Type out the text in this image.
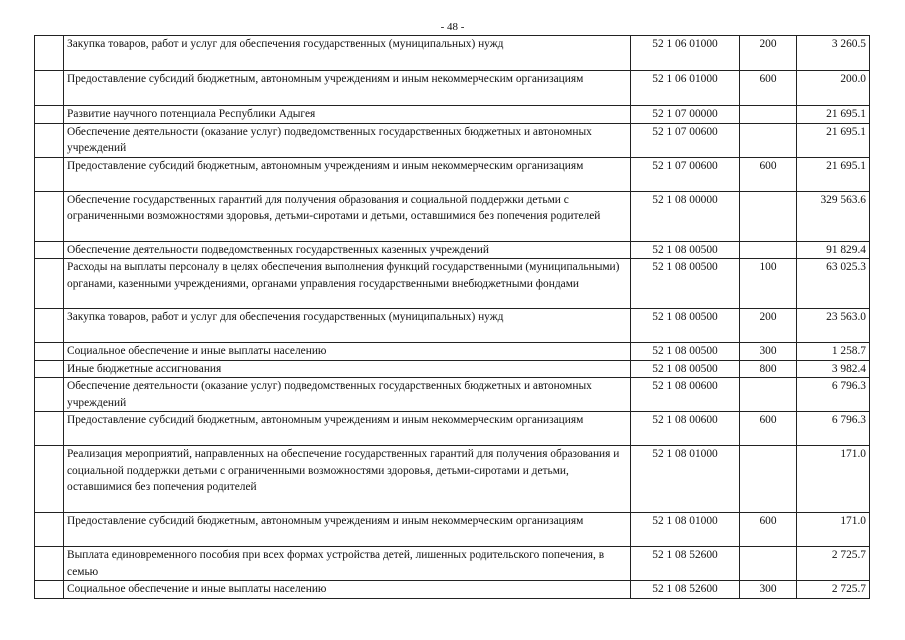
- 48 -
	Закупка товаров, работ и услуг для обеспечения государственных (муниципальных) нужд	52 1 06 01000	200	3 260.5
	Предоставление субсидий бюджетным, автономным учреждениям и иным некоммерческим организациям	52 1 06 01000	600	200.0
	Развитие научного потенциала Республики Адыгея	52 1 07 00000		21 695.1
	Обеспечение деятельности (оказание услуг) подведомственных государственных бюджетных и автономных учреждений	52 1 07 00600		21 695.1
	Предоставление субсидий бюджетным, автономным учреждениям и иным некоммерческим организациям	52 1 07 00600	600	21 695.1
	Обеспечение государственных гарантий для получения образования и социальной поддержки детьми с ограниченными возможностями здоровья, детьми-сиротами и детьми, оставшимися без попечения родителей	52 1 08 00000		329 563.6
	Обеспечение деятельности подведомственных государственных казенных учреждений	52 1 08 00500		91 829.4
	Расходы на выплаты персоналу в целях обеспечения выполнения функций государственными (муниципальными) органами, казенными учреждениями, органами управления государственными внебюджетными фондами	52 1 08 00500	100	63 025.3
	Закупка товаров, работ и услуг для обеспечения государственных (муниципальных) нужд	52 1 08 00500	200	23 563.0
	Социальное обеспечение и иные выплаты населению	52 1 08 00500	300	1 258.7
	Иные бюджетные ассигнования	52 1 08 00500	800	3 982.4
	Обеспечение деятельности (оказание услуг) подведомственных государственных бюджетных и автономных учреждений	52 1 08 00600		6 796.3
	Предоставление субсидий бюджетным, автономным учреждениям и иным некоммерческим организациям	52 1 08 00600	600	6 796.3
	Реализация мероприятий, направленных на обеспечение государственных гарантий для получения образования и социальной поддержки детьми с ограниченными возможностями здоровья, детьми-сиротами и детьми, оставшимися без попечения родителей	52 1 08 01000		171.0
	Предоставление субсидий бюджетным, автономным учреждениям и иным некоммерческим организациям	52 1 08 01000	600	171.0
	Выплата единовременного пособия при всех формах устройства детей, лишенных родительского попечения, в семью	52 1 08 52600		2 725.7
	Социальное обеспечение и иные выплаты населению	52 1 08 52600	300	2 725.7
